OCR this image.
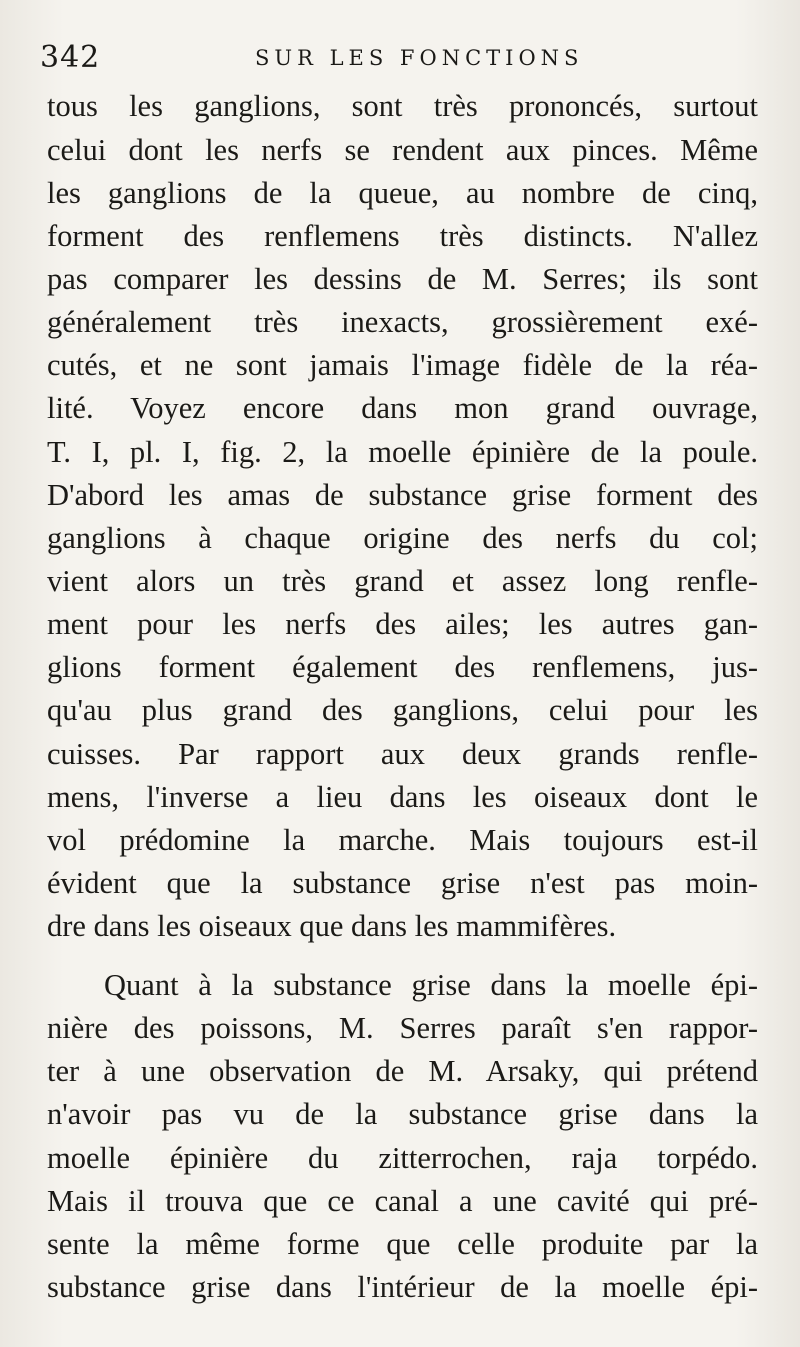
342	SUR LES FONCTIONS
tous les ganglions, sont très prononcés, surtout
celui dont les nerfs se rendent aux pinces. Même
les ganglions de la queue, au nombre de cinq,
forment des renflemens très distincts. N'allez
pas comparer les dessins de M. Serres; ils sont
généralement très inexacts, grossièrement exé-
cutés, et ne sont jamais l'image fidèle de la réa-
lité. Voyez encore dans mon grand ouvrage,
T. I, pl. I, fig. 2, la moelle épinière de la poule.
D'abord les amas de substance grise forment des
ganglions à chaque origine des nerfs du col;
vient alors un très grand et assez long renfle-
ment pour les nerfs des ailes; les autres gan-
glions forment également des renflemens, jus-
qu'au plus grand des ganglions, celui pour les
cuisses. Par rapport aux deux grands renfle-
mens, l'inverse a lieu dans les oiseaux dont le
vol prédomine la marche. Mais toujours est-il
évident que la substance grise n'est pas moin-
dre dans les oiseaux que dans les mammifères.
Quant à la substance grise dans la moelle épi-
nière des poissons, M. Serres paraît s'en rappor-
ter à une observation de M. Arsaky, qui prétend
n'avoir pas vu de la substance grise dans la
moelle épinière du zitterrochen, raja torpédo.
Mais il trouva que ce canal a une cavité qui pré-
sente la même forme que celle produite par la
substance grise dans l'intérieur de la moelle épi-
